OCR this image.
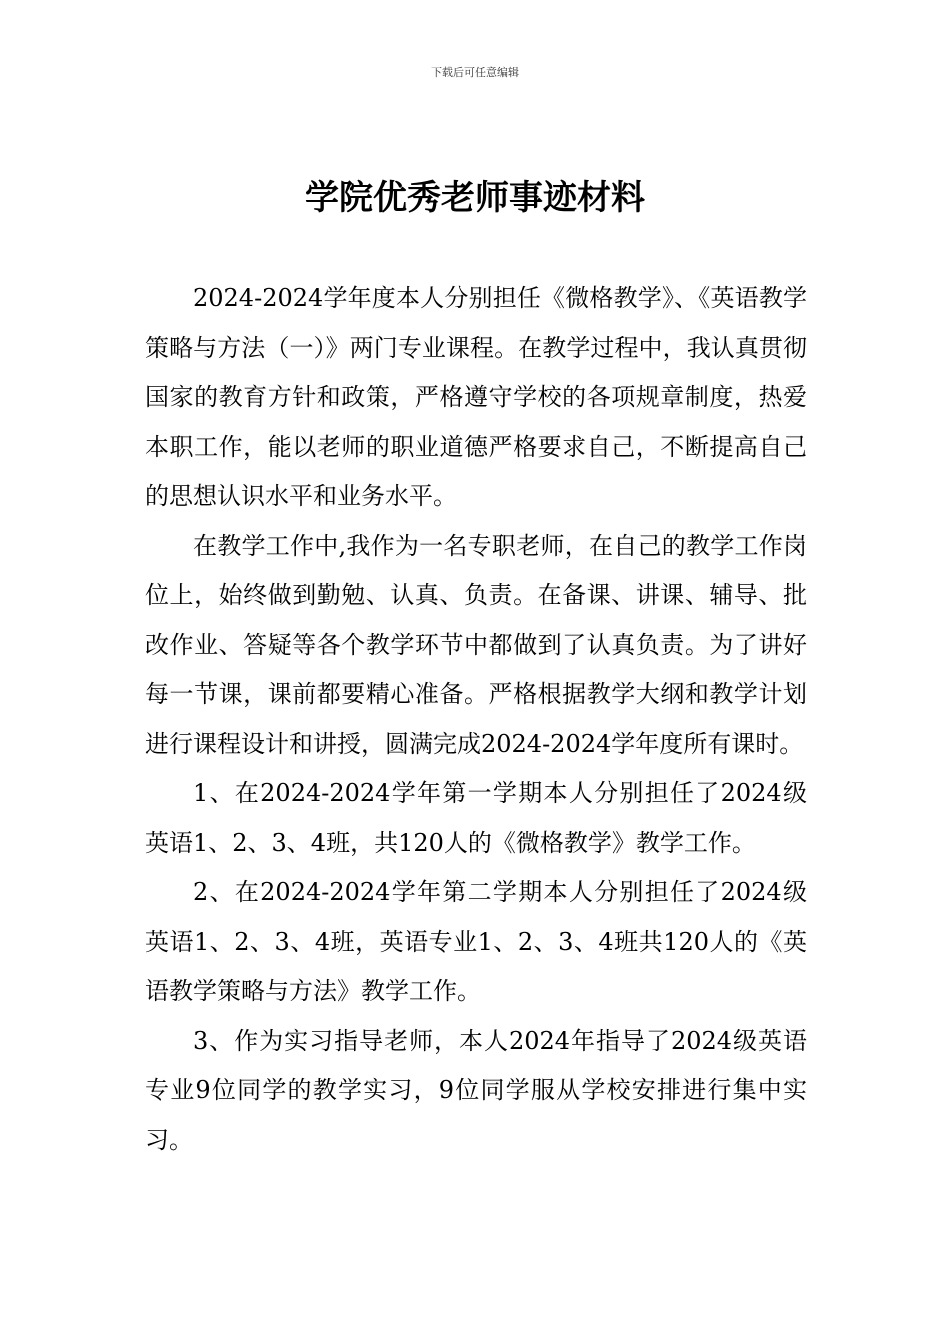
下载后可任意编辑
学院优秀老师事迹材料

2024-2024学年度本人分别担任《微格教学》、《英语教学策略与方法（一）》两门专业课程。在教学过程中，我认真贯彻国家的教育方针和政策，严格遵守学校的各项规章制度，热爱本职工作，能以老师的职业道德严格要求自己，不断提高自己的思想认识水平和业务水平。

在教学工作中,我作为一名专职老师，在自己的教学工作岗位上，始终做到勤勉、认真、负责。在备课、讲课、辅导、批改作业、答疑等各个教学环节中都做到了认真负责。为了讲好每一节课，课前都要精心准备。严格根据教学大纲和教学计划进行课程设计和讲授，圆满完成2024-2024学年度所有课时。

1、在2024-2024学年第一学期本人分别担任了2024级英语1、2、3、4班，共120人的《微格教学》教学工作。

2、在2024-2024学年第二学期本人分别担任了2024级英语1、2、3、4班，英语专业1、2、3、4班共120人的《英语教学策略与方法》教学工作。

3、作为实习指导老师，本人2024年指导了2024级英语专业9位同学的教学实习，9位同学服从学校安排进行集中实习。
